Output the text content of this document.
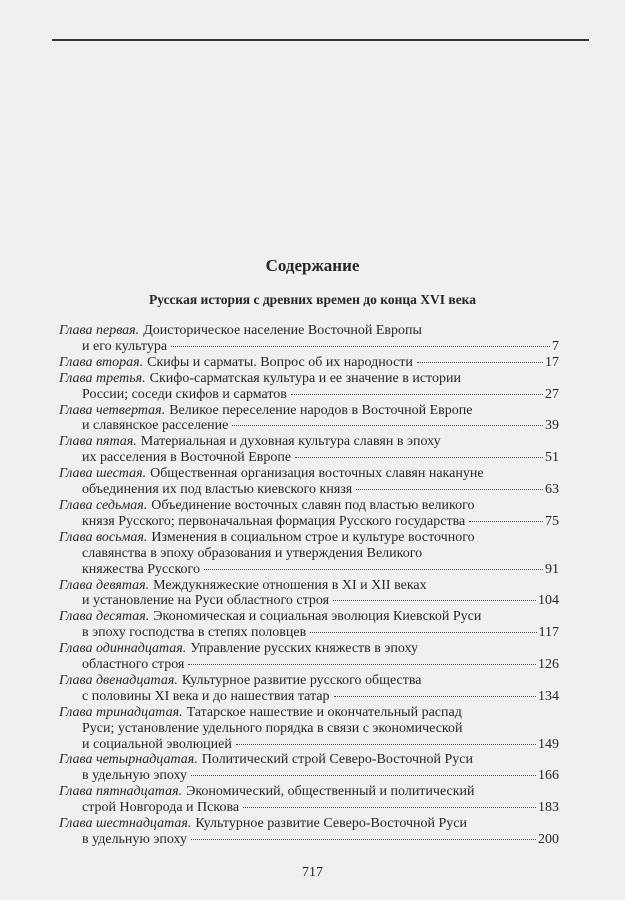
Содержание
Русская история с древних времен до конца XVI века
Глава первая. Доисторическое население Восточной Европы
и его культура	7
Глава вторая. Скифы и сарматы. Вопрос об их народности	17
Глава третья. Скифо-сарматская культура и ее значение в истории
России; соседи скифов и сарматов	27
Глава четвертая. Великое переселение народов в Восточной Европе
и славянское расселение	39
Глава пятая. Материальная и духовная культура славян в эпоху
их расселения в Восточной Европе	51
Глава шестая. Общественная организация восточных славян накануне
объединения их под властью киевского князя	63
Глава седьмая. Объединение восточных славян под властью великого
князя Русского; первоначальная формация Русского государства	75
Глава восьмая. Изменения в социальном строе и культуре восточного
славянства в эпоху образования и утверждения Великого
княжества Русского	91
Глава девятая. Междукняжеские отношения в XI и XII веках
и установление на Руси областного строя	104
Глава десятая. Экономическая и социальная эволюция Киевской Руси
в эпоху господства в степях половцев	117
Глава одиннадцатая. Управление русских княжеств в эпоху
областного строя	126
Глава двенадцатая. Культурное развитие русского общества
с половины XI века и до нашествия татар	134
Глава тринадцатая. Татарское нашествие и окончательный распад
Руси; установление удельного порядка в связи с экономической
и социальной эволюцией	149
Глава четырнадцатая. Политический строй Северо-Восточной Руси
в удельную эпоху	166
Глава пятнадцатая. Экономический, общественный и политический
строй Новгорода и Пскова	183
Глава шестнадцатая. Культурное развитие Северо-Восточной Руси
в удельную эпоху	200
717
